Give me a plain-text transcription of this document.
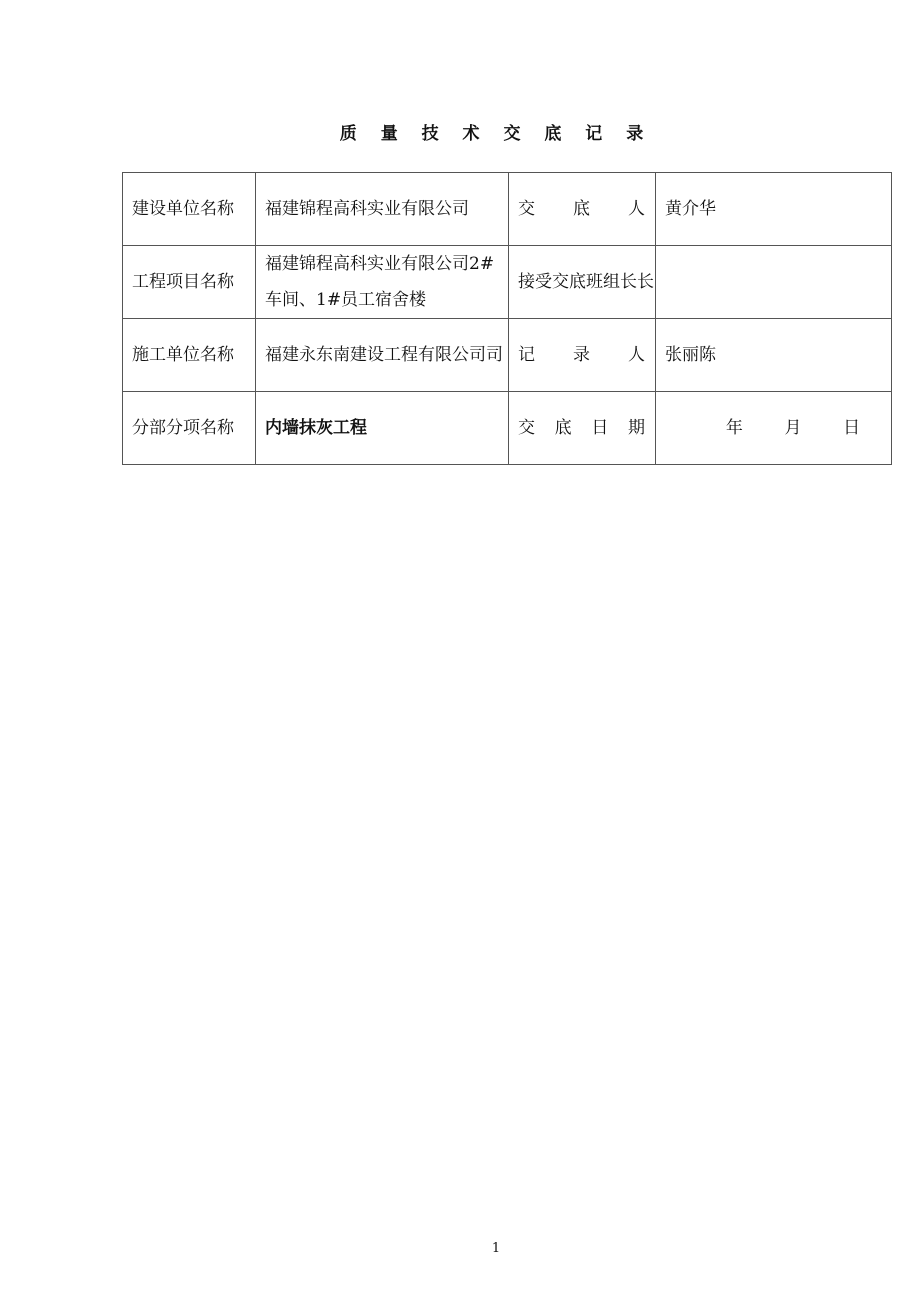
质 量 技 术 交 底 记 录
建设单位名称	福建锦程高科实业有限公司	交 底 人	黄介华
工程项目名称	福建锦程高科实业有限公司2#车间、1#员工宿舍楼	接受交底班组长长	
施工单位名称	福建永东南建设工程有限公司司	记 录 人	张丽陈
分部分项名称	内墙抹灰工程	交 底 日 期	年 月 日
1
